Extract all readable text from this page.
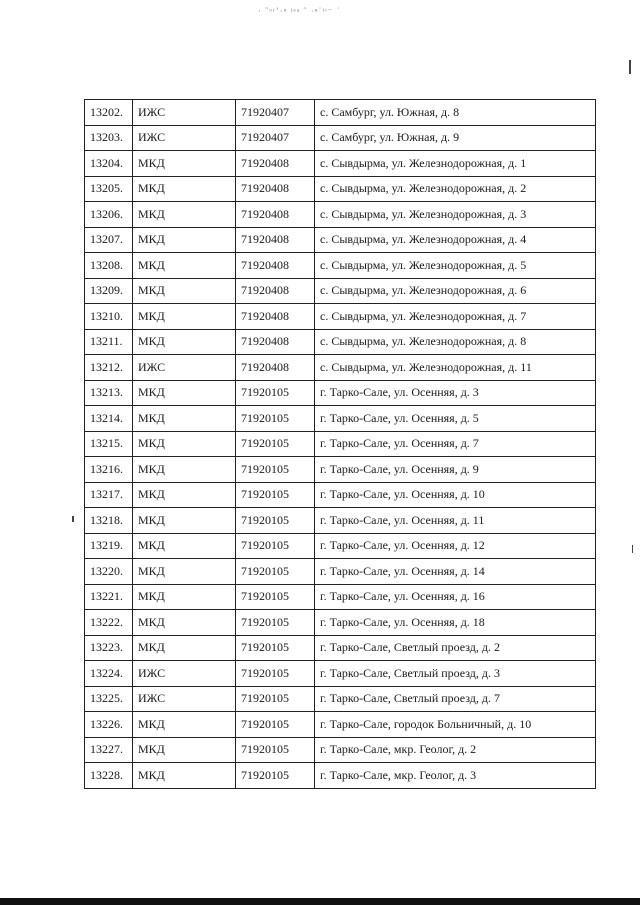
· ˜ᵒʳʼ·ⁿ ʲᵃᵃ ˜ ·ⁿ˙ᵗᶦ⁻ ˙
13202.	ИЖС	71920407	с. Самбург, ул. Южная, д. 8
13203.	ИЖС	71920407	с. Самбург, ул. Южная, д. 9
13204.	МКД	71920408	с. Сывдырма, ул. Железнодорожная, д. 1
13205.	МКД	71920408	с. Сывдырма, ул. Железнодорожная, д. 2
13206.	МКД	71920408	с. Сывдырма, ул. Железнодорожная, д. 3
13207.	МКД	71920408	с. Сывдырма, ул. Железнодорожная, д. 4
13208.	МКД	71920408	с. Сывдырма, ул. Железнодорожная, д. 5
13209.	МКД	71920408	с. Сывдырма, ул. Железнодорожная, д. 6
13210.	МКД	71920408	с. Сывдырма, ул. Железнодорожная, д. 7
13211.	МКД	71920408	с. Сывдырма, ул. Железнодорожная, д. 8
13212.	ИЖС	71920408	с. Сывдырма, ул. Железнодорожная, д. 11
13213.	МКД	71920105	г. Тарко-Сале, ул. Осенняя, д. 3
13214.	МКД	71920105	г. Тарко-Сале, ул. Осенняя, д. 5
13215.	МКД	71920105	г. Тарко-Сале, ул. Осенняя, д. 7
13216.	МКД	71920105	г. Тарко-Сале, ул. Осенняя, д. 9
13217.	МКД	71920105	г. Тарко-Сале, ул. Осенняя, д. 10
13218.	МКД	71920105	г. Тарко-Сале, ул. Осенняя, д. 11
13219.	МКД	71920105	г. Тарко-Сале, ул. Осенняя, д. 12
13220.	МКД	71920105	г. Тарко-Сале, ул. Осенняя, д. 14
13221.	МКД	71920105	г. Тарко-Сале, ул. Осенняя, д. 16
13222.	МКД	71920105	г. Тарко-Сале, ул. Осенняя, д. 18
13223.	МКД	71920105	г. Тарко-Сале, Светлый проезд, д. 2
13224.	ИЖС	71920105	г. Тарко-Сале, Светлый проезд, д. 3
13225.	ИЖС	71920105	г. Тарко-Сале, Светлый проезд, д. 7
13226.	МКД	71920105	г. Тарко-Сале, городок Больничный, д. 10
13227.	МКД	71920105	г. Тарко-Сале, мкр. Геолог, д. 2
13228.	МКД	71920105	г. Тарко-Сале, мкр. Геолог, д. 3
